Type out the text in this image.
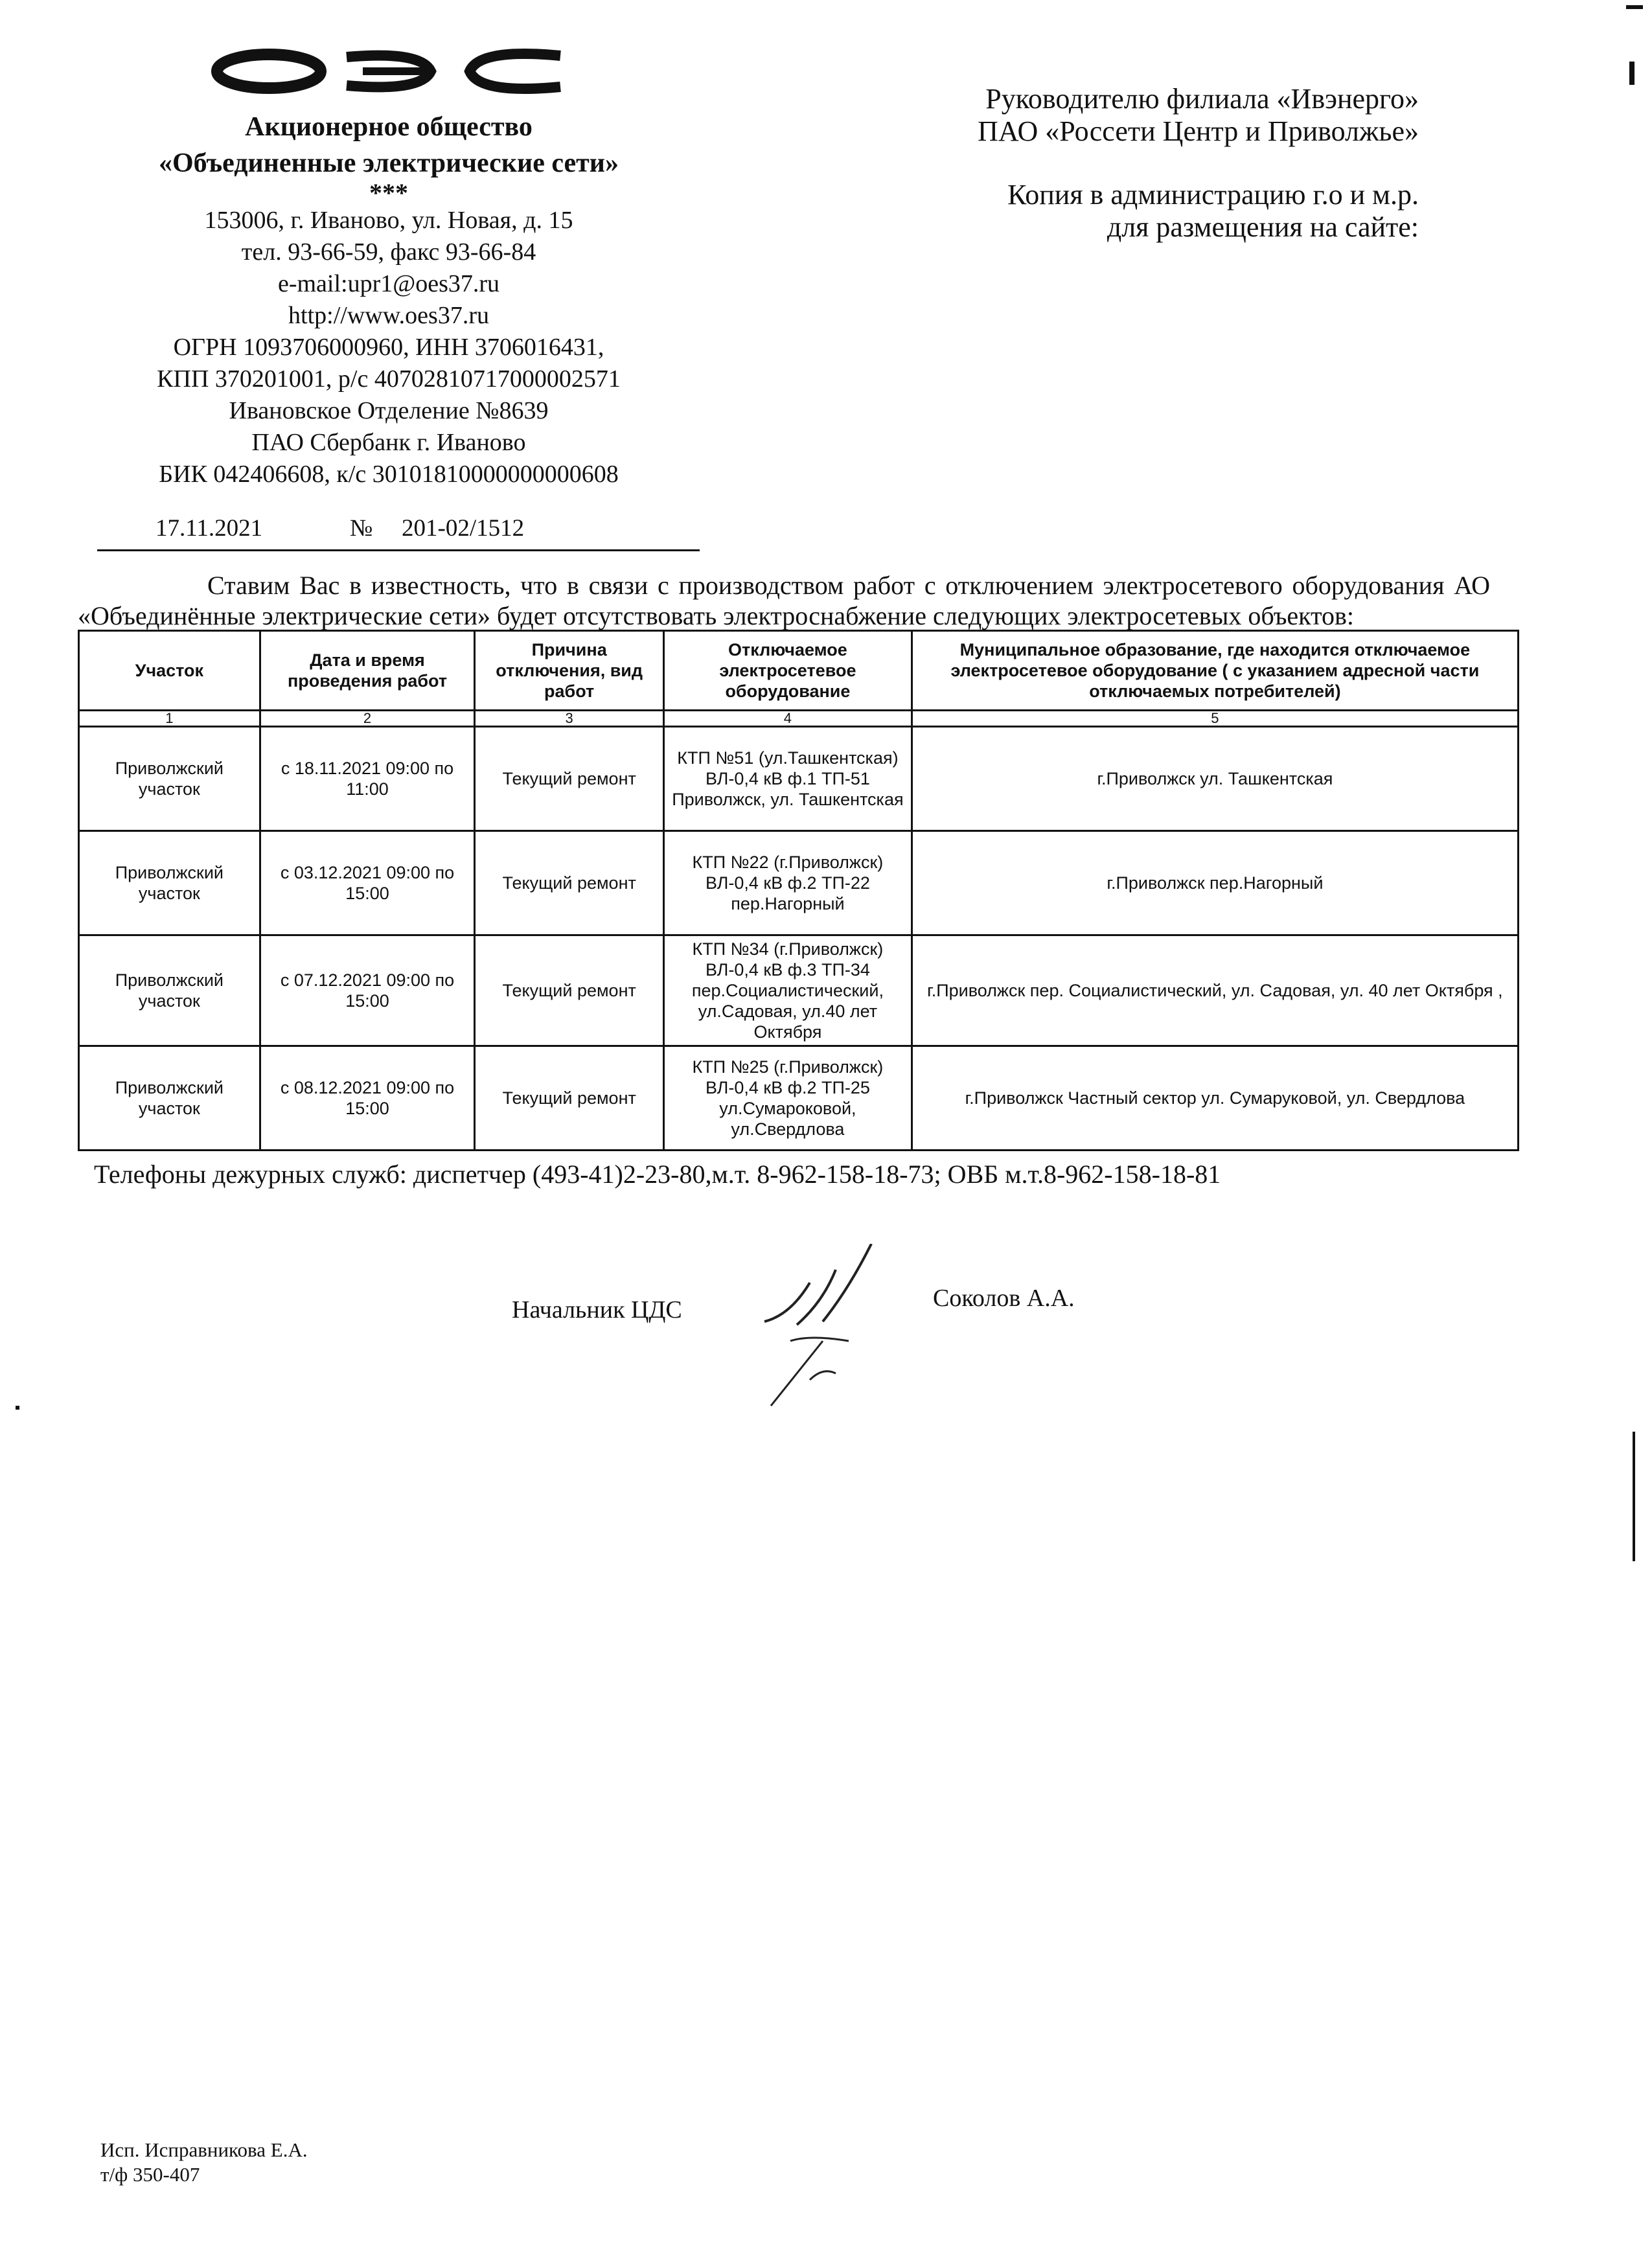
Акционерное общество
«Объединенные электрические сети»
***
153006, г. Иваново, ул. Новая, д. 15
тел. 93-66-59, факс 93-66-84
e-mail:upr1@oes37.ru
http://www.oes37.ru
ОГРН 1093706000960, ИНН 3706016431,
КПП 370201001, р/с 40702810717000002571
Ивановское Отделение №8639
ПАО Сбербанк г. Иваново
БИК 042406608, к/с 30101810000000000608
Руководителю филиала «Ивэнерго»
ПАО «Россети Центр и Приволжье»
Копия в администрацию г.о и м.р.
для размещения на сайте:
17.11.2021	№ 201-02/1512

Ставим Вас в известность, что в связи с производством работ с отключением электросетевого оборудования АО «Объединённые электрические сети» будет отсутствовать электроснабжение следующих электросетевых объектов:

Участок	Дата и время проведения работ	Причина отключения, вид работ	Отключаемое электросетевое оборудование	Муниципальное образование, где находится отключаемое электросетевое оборудование ( с указанием адресной части отключаемых потребителей)
1	2	3	4	5
Приволжский участок	с 18.11.2021 09:00 по 11:00	Текущий ремонт	КТП №51 (ул.Ташкентская) ВЛ-0,4 кВ ф.1 ТП-51 Приволжск, ул. Ташкентская	г.Приволжск ул. Ташкентская
Приволжский участок	с 03.12.2021 09:00 по 15:00	Текущий ремонт	КТП №22 (г.Приволжск) ВЛ-0,4 кВ ф.2 ТП-22 пер.Нагорный	г.Приволжск пер.Нагорный
Приволжский участок	с 07.12.2021 09:00 по 15:00	Текущий ремонт	КТП №34 (г.Приволжск) ВЛ-0,4 кВ ф.3 ТП-34 пер.Социалистический, ул.Садовая, ул.40 лет Октября	г.Приволжск пер. Социалистический, ул. Садовая, ул. 40 лет Октября ,
Приволжский участок	с 08.12.2021 09:00 по 15:00	Текущий ремонт	КТП №25 (г.Приволжск) ВЛ-0,4 кВ ф.2 ТП-25 ул.Сумароковой, ул.Свердлова	г.Приволжск Частный сектор ул. Сумаруковой, ул. Свердлова
Телефоны дежурных служб: диспетчер (493-41)2-23-80,м.т. 8-962-158-18-73; ОВБ м.т.8-962-158-18-81
Начальник ЦДС	Соколов А.А.
Исп. Исправникова Е.А.
т/ф 350-407
